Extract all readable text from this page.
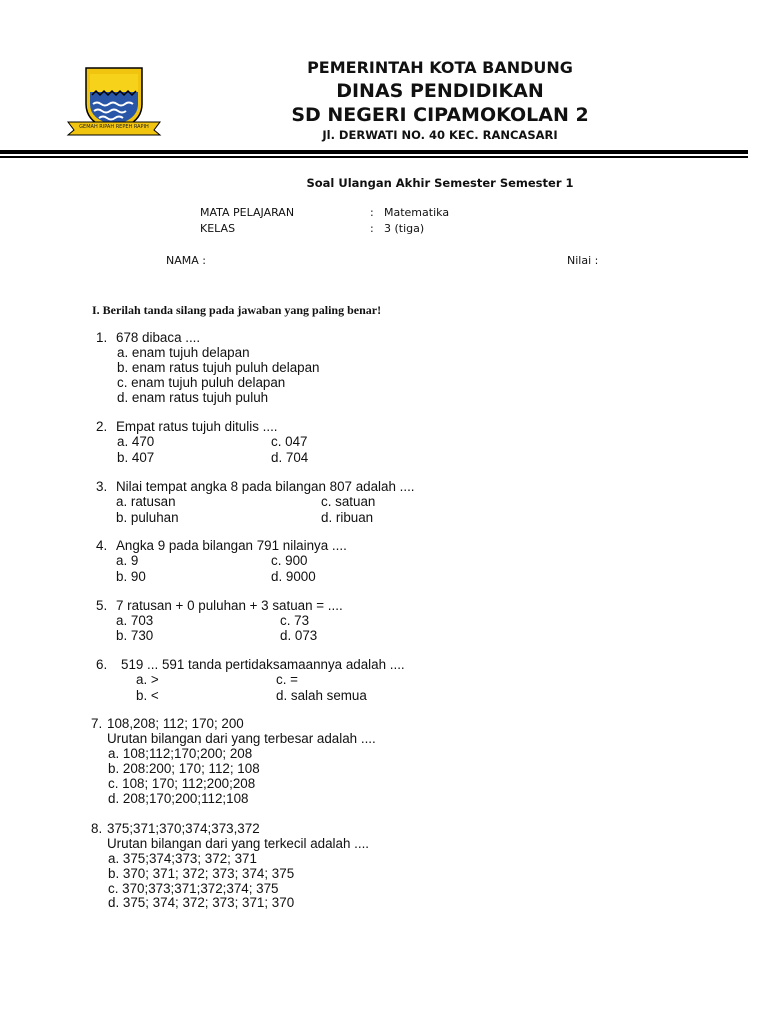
GEMAH RIPAH REPEH RAPIH
PEMERINTAH KOTA BANDUNG
DINAS PENDIDIKAN
SD NEGERI CIPAMOKOLAN 2
Jl. DERWATI NO. 40 KEC. RANCASARI
Soal Ulangan Akhir Semester Semester 1
MATA PELAJARAN	: Matematika
KELAS	: 3 (tiga)
NAMA :	Nilai :
I. Berilah tanda silang pada jawaban yang paling benar!
1. 678 dibaca ....
a. enam tujuh delapan
b. enam ratus tujuh puluh delapan
c. enam tujuh puluh delapan
d. enam ratus tujuh puluh
2. Empat ratus tujuh ditulis ....
a. 470	c. 047
b. 407	d. 704
3. Nilai tempat angka 8 pada bilangan 807 adalah ....
a. ratusan	c. satuan
b. puluhan	d. ribuan
4. Angka 9 pada bilangan 791 nilainya ....
a. 9	c. 900
b. 90	d. 9000
5. 7 ratusan + 0 puluhan + 3 satuan = ....
a. 703	c. 73
b. 730	d. 073
6. 519 ... 591 tanda pertidaksamaannya adalah ....
a. >	c. =
b. <	d. salah semua
7. 108,208; 112; 170; 200
Urutan bilangan dari yang terbesar adalah ....
a. 108;112;170;200; 208
b. 208:200; 170; 112; 108
c. 108; 170; 112;200;208
d. 208;170;200;112;108
8. 375;371;370;374;373,372
Urutan bilangan dari yang terkecil adalah ....
a. 375;374;373; 372; 371
b. 370; 371; 372; 373; 374; 375
c. 370;373;371;372;374; 375
d. 375; 374; 372; 373; 371; 370
